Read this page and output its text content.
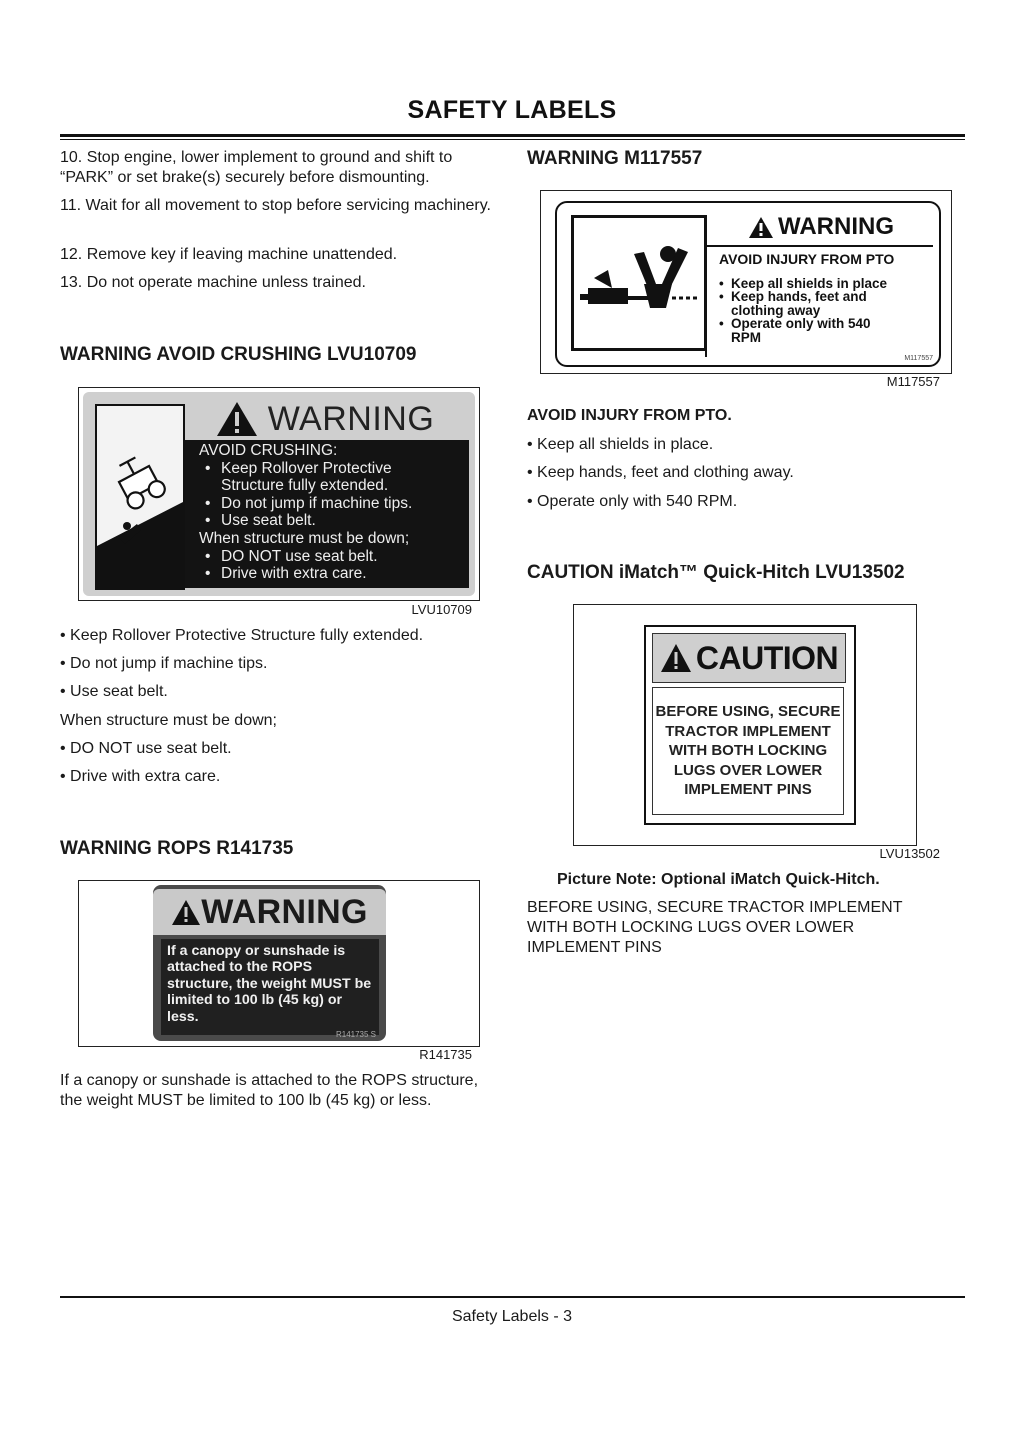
SAFETY LABELS

10. Stop engine, lower implement to ground and shift to “PARK” or set brake(s) securely before dismounting.

11. Wait for all movement to stop before servicing machinery.

12. Remove key if leaving machine unattended.

13. Do not operate machine unless trained.

WARNING AVOID CRUSHING LVU10709
WARNING
AVOID CRUSHING:
• Keep Rollover Protective
Structure fully extended.
• Do not jump if machine tips.
• Use seat belt.
When structure must be down;
• DO NOT use seat belt.
• Drive with extra care.
LVU10709

• Keep Rollover Protective Structure fully extended.

• Do not jump if machine tips.

• Use seat belt.

When structure must be down;

• DO NOT use seat belt.

• Drive with extra care.

WARNING ROPS R141735
WARNING
If a canopy or sunshade is attached to the ROPS structure, the weight MUST be limited to 100 lb (45 kg) or less.
R141735 S
R141735

If a canopy or sunshade is attached to the ROPS structure, the weight MUST be limited to 100 lb (45 kg) or less.

WARNING M117557
WARNING
AVOID INJURY FROM PTO
• Keep all shields in place
• Keep hands, feet and
clothing away
• Operate only with 540
RPM
M117557
M117557

AVOID INJURY FROM PTO.

• Keep all shields in place.

• Keep hands, feet and clothing away.

• Operate only with 540 RPM.

CAUTION iMatch™ Quick-Hitch LVU13502
CAUTION
BEFORE USING, SECURE
TRACTOR IMPLEMENT
WITH BOTH LOCKING
LUGS OVER LOWER
IMPLEMENT PINS
LVU13502

Picture Note: Optional iMatch Quick-Hitch.

BEFORE USING, SECURE TRACTOR IMPLEMENT WITH BOTH LOCKING LUGS OVER LOWER IMPLEMENT PINS

Safety Labels - 3
